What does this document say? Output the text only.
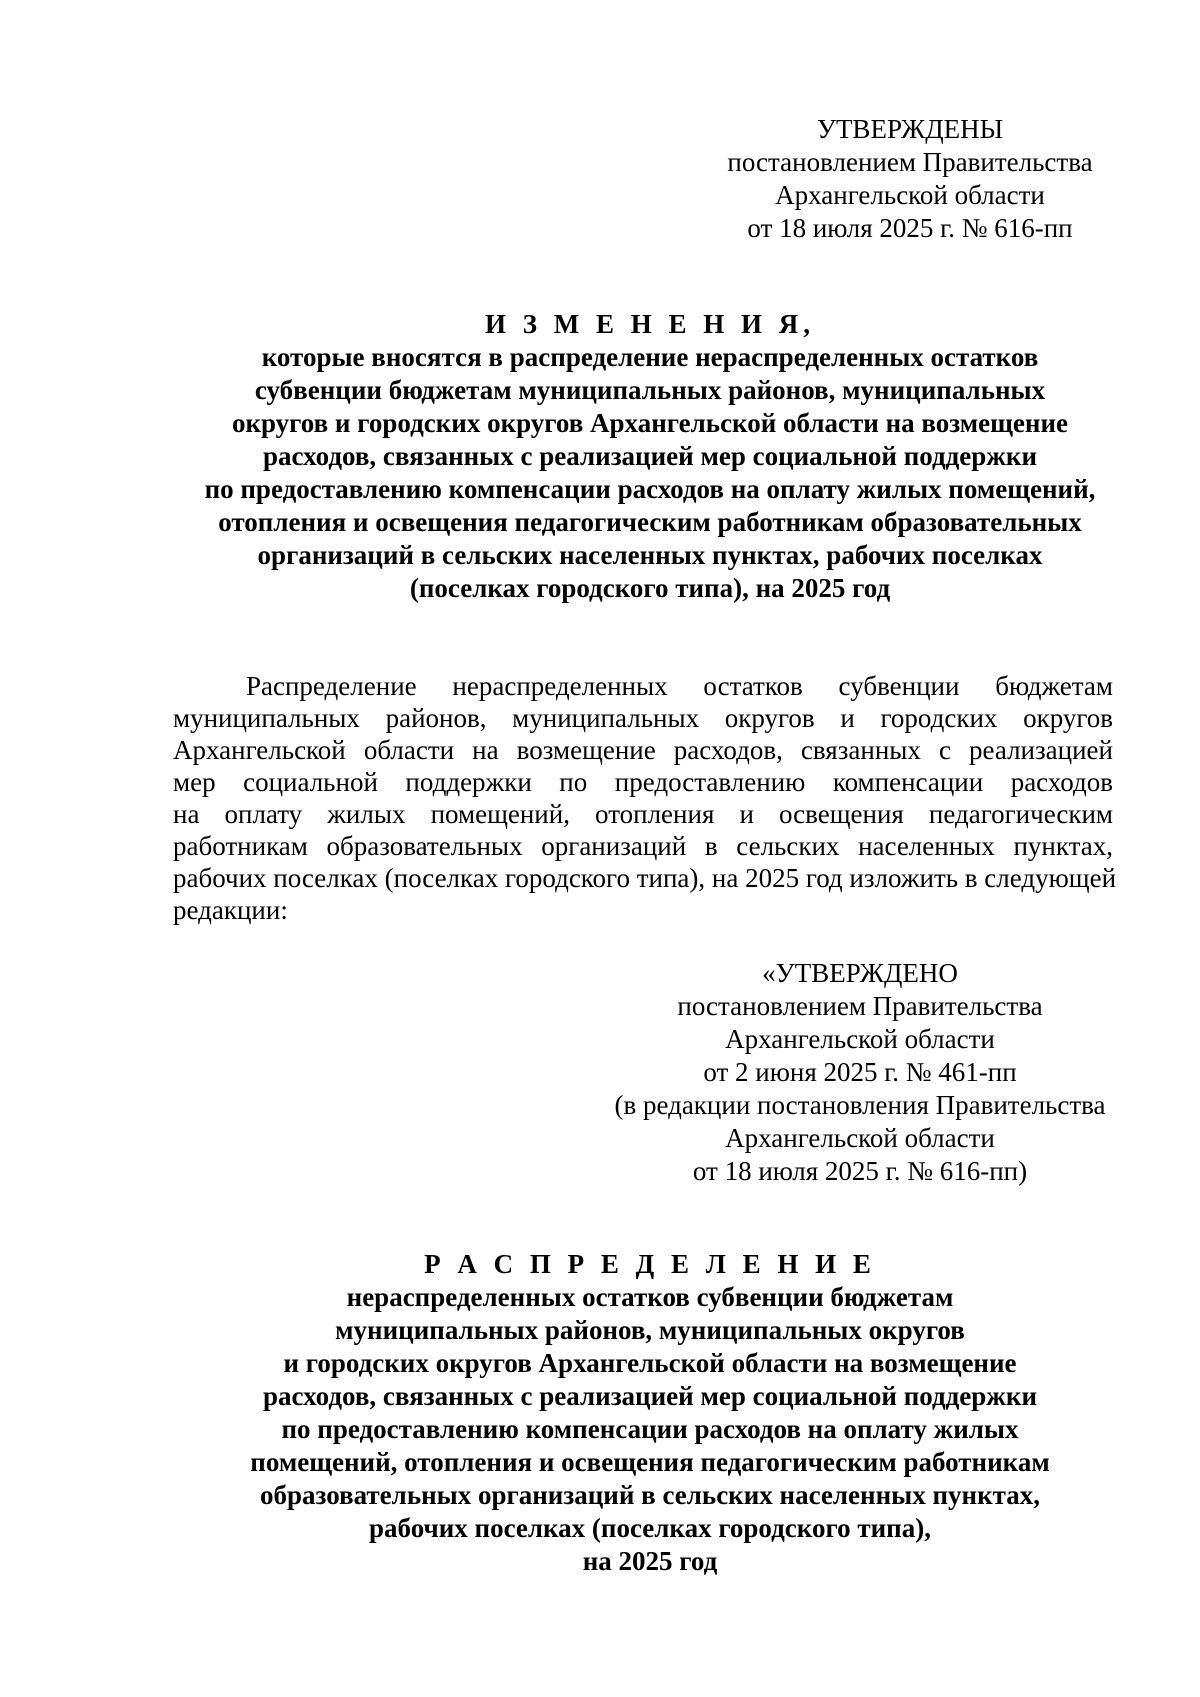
УТВЕРЖДЕНЫ
постановлением Правительства
Архангельской области
от 18 июля 2025 г. № 616-пп
И З М Е Н Е Н И Я,
которые вносятся в распределение нераспределенных остатков
субвенции бюджетам муниципальных районов, муниципальных
округов и городских округов Архангельской области на возмещение
расходов, связанных с реализацией мер социальной поддержки
по предоставлению компенсации расходов на оплату жилых помещений,
отопления и освещения педагогическим работникам образовательных
организаций в сельских населенных пунктах, рабочих поселках
(поселках городского типа), на 2025 год
Распределение нераспределенных остатков субвенции бюджетам
муниципальных районов, муниципальных округов и городских округов
Архангельской области на возмещение расходов, связанных с реализацией
мер социальной поддержки по предоставлению компенсации расходов
на оплату жилых помещений, отопления и освещения педагогическим
работникам образовательных организаций в сельских населенных пунктах,
рабочих поселках (поселках городского типа), на 2025 год изложить в следующей
редакции:
«УТВЕРЖДЕНО
постановлением Правительства
Архангельской области
от 2 июня 2025 г. № 461-пп
(в редакции постановления Правительства
Архангельской области
от 18 июля 2025 г. № 616-пп)
Р А С П Р Е Д Е Л Е Н И Е
нераспределенных остатков субвенции бюджетам
муниципальных районов, муниципальных округов
и городских округов Архангельской области на возмещение
расходов, связанных с реализацией мер социальной поддержки
по предоставлению компенсации расходов на оплату жилых
помещений, отопления и освещения педагогическим работникам
образовательных организаций в сельских населенных пунктах,
рабочих поселках (поселках городского типа),
на 2025 год
